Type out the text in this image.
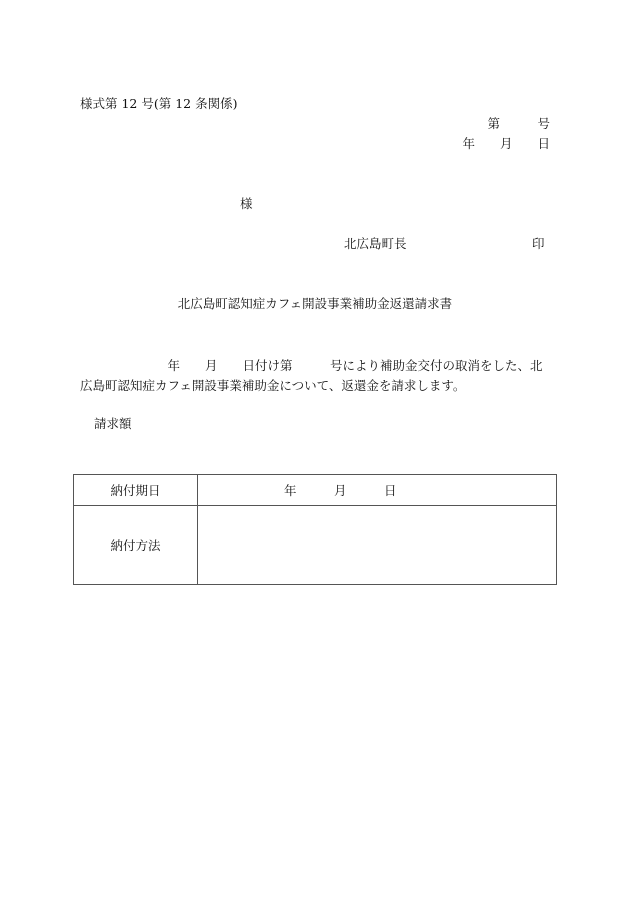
様式第 12 号(第 12 条関係)
第　　　号
年　　月　　日
様
北広島町長	印
北広島町認知症カフェ開設事業補助金返還請求書
　　　　　　　年　　月　　日付け第　　　号により補助金交付の取消をした、北広島町認知症カフェ開設事業補助金について、返還金を請求します。
請求額
納付期日	年　　　月　　　日
納付方法	
